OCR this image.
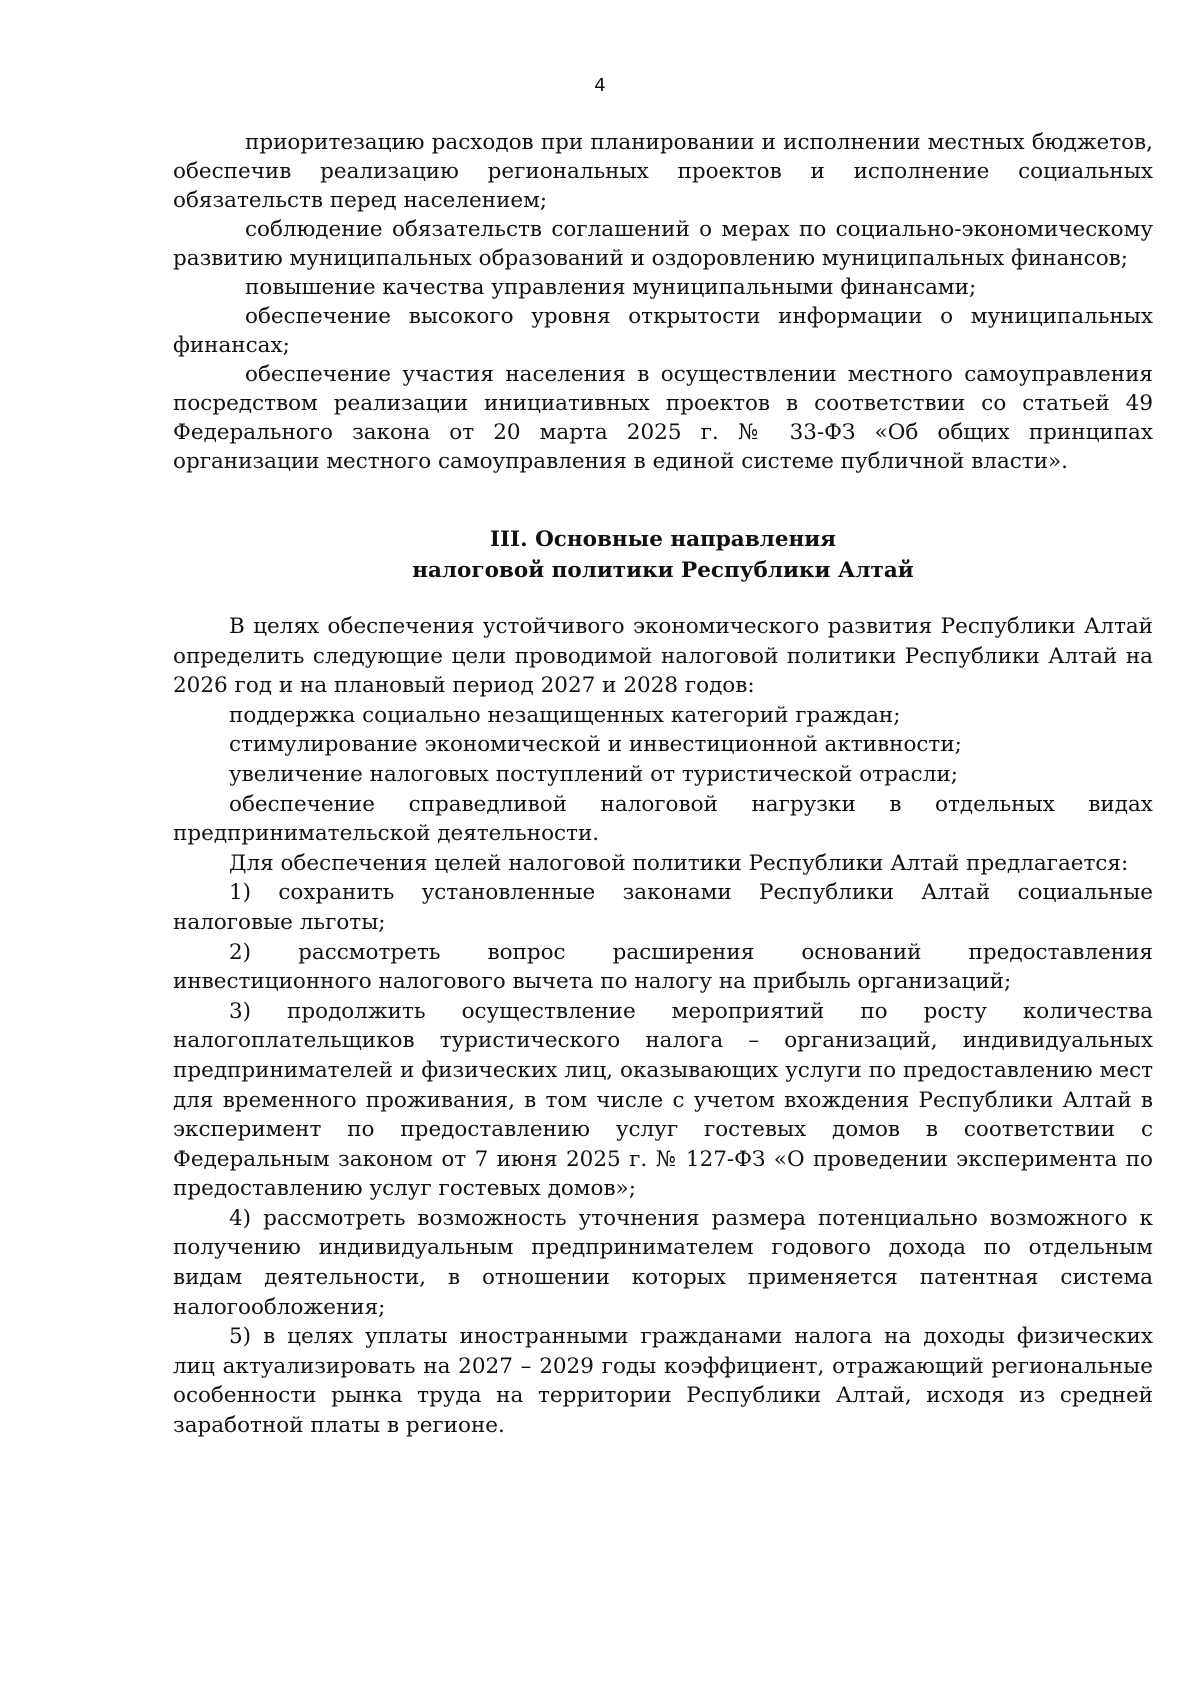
4

приоритезацию расходов при планировании и исполнении местных бюджетов, обеспечив реализацию региональных проектов и исполнение социальных обязательств перед населением;

соблюдение обязательств соглашений о мерах по социально-экономическому развитию муниципальных образований и оздоровлению муниципальных финансов;

повышение качества управления муниципальными финансами;

обеспечение высокого уровня открытости информации о муниципальных финансах;

обеспечение участия населения в осуществлении местного самоуправления посредством реализации инициативных проектов в соответствии со статьей 49 Федерального закона от 20 марта 2025 г. № 33-ФЗ «Об общих принципах организации местного самоуправления в единой системе публичной власти».

III. Основные направления
налоговой политики Республики Алтай

В целях обеспечения устойчивого экономического развития Республики Алтай определить следующие цели проводимой налоговой политики Республики Алтай на 2026 год и на плановый период 2027 и 2028 годов:

поддержка социально незащищенных категорий граждан;

стимулирование экономической и инвестиционной активности;

увеличение налоговых поступлений от туристической отрасли;

обеспечение справедливой налоговой нагрузки в отдельных видах

предпринимательской деятельности.

Для обеспечения целей налоговой политики Республики Алтай предлагается:

1) сохранить установленные законами Республики Алтай социальные налоговые льготы;

2) рассмотреть вопрос расширения оснований предоставления инвестиционного налогового вычета по налогу на прибыль организаций;

3) продолжить осуществление мероприятий по росту количества налогоплательщиков туристического налога – организаций, индивидуальных предпринимателей и физических лиц, оказывающих услуги по предоставлению мест для временного проживания, в том числе с учетом вхождения Республики Алтай в эксперимент по предоставлению услуг гостевых домов в соответствии с Федеральным законом от 7 июня 2025 г. № 127-ФЗ «О проведении эксперимента по предоставлению услуг гостевых домов»;

4) рассмотреть возможность уточнения размера потенциально возможного к получению индивидуальным предпринимателем годового дохода по отдельным видам деятельности, в отношении которых применяется патентная система налогообложения;

5) в целях уплаты иностранными гражданами налога на доходы физических лиц актуализировать на 2027 – 2029 годы коэффициент, отражающий региональные особенности рынка труда на территории Республики Алтай, исходя из средней заработной платы в регионе.
